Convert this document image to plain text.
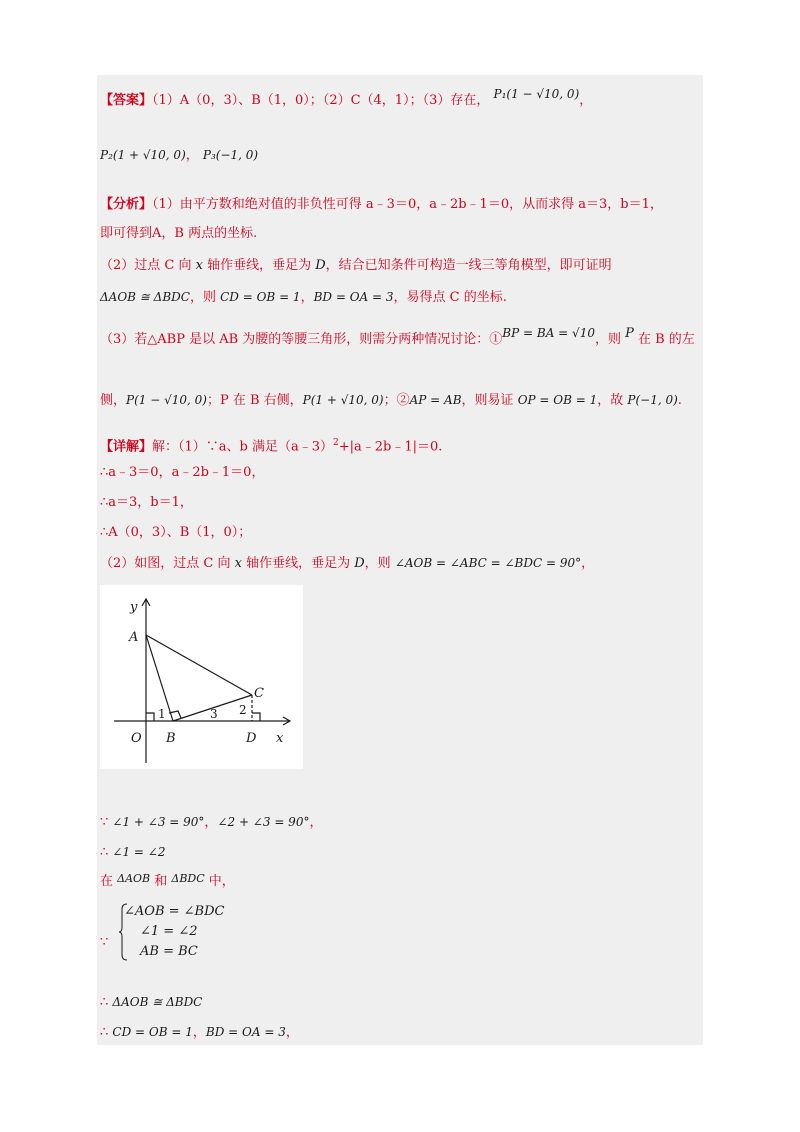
【答案】（1）A（0，3）、B（1，0）；（2）C（4，1）；（3）存在， P₁(1 − √10, 0)，
P₂(1 + √10, 0)， P₃(−1, 0)
【分析】（1）由平方数和绝对值的非负性可得 a﹣3＝0，a﹣2b﹣1＝0，从而求得 a＝3，b＝1，
即可得到A，B 两点的坐标.
（2）过点 C 向 x 轴作垂线，垂足为 D，结合已知条件可构造一线三等角模型，即可证明
ΔAOB ≅ ΔBDC，则 CD = OB = 1，BD = OA = 3，易得点 C 的坐标.
（3）若△ABP 是以 AB 为腰的等腰三角形，则需分两种情况讨论：①BP = BA = √10，则 P 在 B 的左
侧，P(1 − √10, 0)；P 在 B 右侧，P(1 + √10, 0)；②AP = AB，则易证 OP = OB = 1，故 P(−1, 0).
【详解】解：（1）∵a、b 满足（a﹣3）$^2$+|a﹣2b﹣1|＝0.
∴a﹣3＝0，a﹣2b﹣1＝0，
∴a＝3，b＝1，
∴A（0，3）、B（1，0）；
（2）如图，过点 C 向 x 轴作垂线，垂足为 D，则 ∠AOB = ∠ABC = ∠BDC = 90°，
y
x
A
O B	D
C
1	3 2
∵ ∠1 + ∠3 = 90°，∠2 + ∠3 = 90°，
∴ ∠1 = ∠2
在 $^{\Delta AOB}$ 和 $^{\Delta BDC}$ 中，
∵
∠AOB = ∠BDC
∠1 = ∠2
AB = BC
∴ ΔAOB ≅ ΔBDC
∴ CD = OB = 1，BD = OA = 3，
